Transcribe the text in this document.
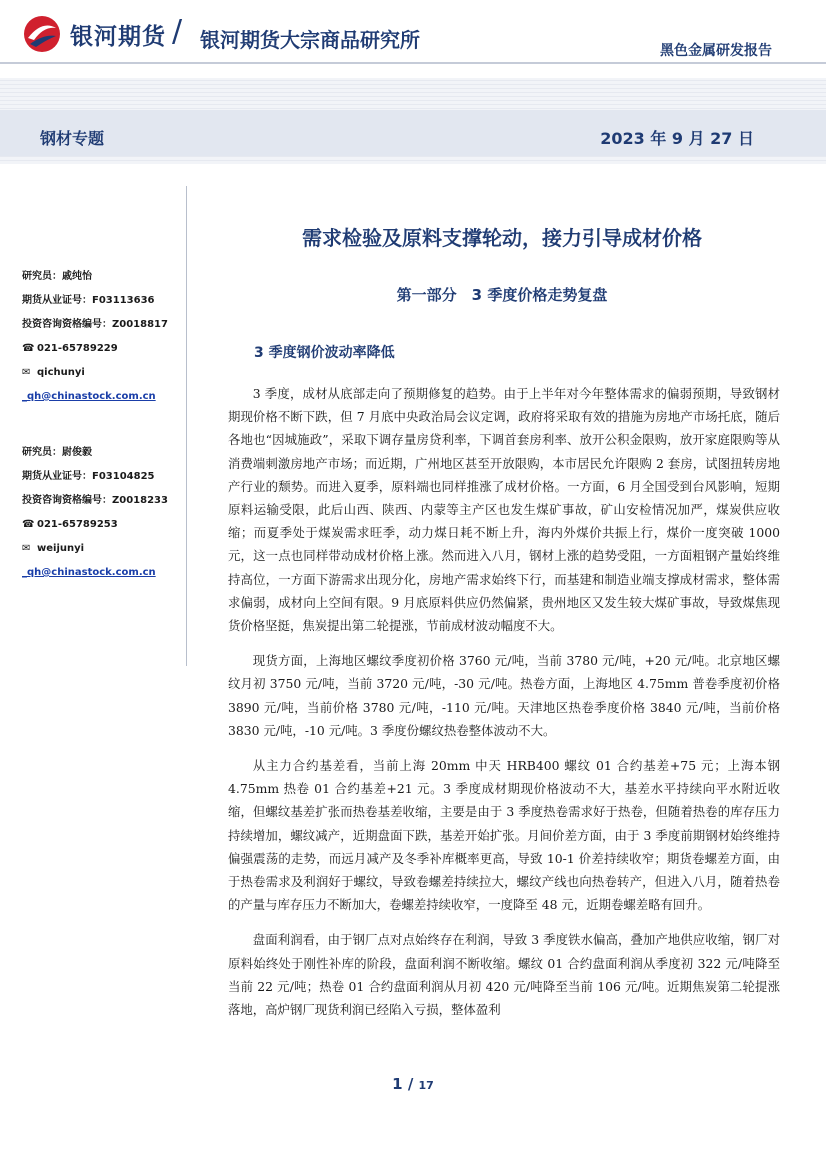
银河期货 / 银河期货大宗商品研究所	黑色金属研发报告
钢材专题	2023 年 9 月 27 日
研究员：戚纯怡
期货从业证号：F03113636
投资咨询资格编号：Z0018817
☎ 021-65789229
✉ qichunyi
_qh@chinastock.com.cn
研究员：尉俊毅
期货从业证号：F03104825
投资咨询资格编号：Z0018233
☎ 021-65789253
✉ weijunyi
_qh@chinastock.com.cn
需求检验及原料支撑轮动，接力引导成材价格
第一部分　3 季度价格走势复盘
3 季度钢价波动率降低

3 季度，成材从底部走向了预期修复的趋势。由于上半年对今年整体需求的偏弱预期，导致钢材期现价格不断下跌，但 7 月底中央政治局会议定调，政府将采取有效的措施为房地产市场托底，随后各地也“因城施政”，采取下调存量房贷利率，下调首套房利率、放开公积金限购，放开家庭限购等从消费端刺激房地产市场；而近期，广州地区甚至开放限购，本市居民允许限购 2 套房，试图扭转房地产行业的颓势。而进入夏季，原料端也同样推涨了成材价格。一方面，6 月全国受到台风影响，短期原料运输受限，此后山西、陕西、内蒙等主产区也发生煤矿事故，矿山安检情况加严，煤炭供应收缩；而夏季处于煤炭需求旺季，动力煤日耗不断上升，海内外煤价共振上行，煤价一度突破 1000 元，这一点也同样带动成材价格上涨。然而进入八月，钢材上涨的趋势受阻，一方面粗钢产量始终维持高位，一方面下游需求出现分化，房地产需求始终下行，而基建和制造业端支撑成材需求，整体需求偏弱，成材向上空间有限。9 月底原料供应仍然偏紧，贵州地区又发生较大煤矿事故，导致煤焦现货价格坚挺，焦炭提出第二轮提涨，节前成材波动幅度不大。

现货方面，上海地区螺纹季度初价格 3760 元/吨，当前 3780 元/吨，+20 元/吨。北京地区螺纹月初 3750 元/吨，当前 3720 元/吨，-30 元/吨。热卷方面，上海地区 4.75mm 普卷季度初价格 3890 元/吨，当前价格 3780 元/吨，-110 元/吨。天津地区热卷季度价格 3840 元/吨，当前价格 3830 元/吨，-10 元/吨。3 季度份螺纹热卷整体波动不大。

从主力合约基差看，当前上海 20mm 中天 HRB400 螺纹 01 合约基差+75 元；上海本钢 4.75mm 热卷 01 合约基差+21 元。3 季度成材期现价格波动不大，基差水平持续向平水附近收缩，但螺纹基差扩张而热卷基差收缩，主要是由于 3 季度热卷需求好于热卷，但随着热卷的库存压力持续增加，螺纹减产，近期盘面下跌，基差开始扩张。月间价差方面，由于 3 季度前期钢材始终维持偏强震荡的走势，而远月减产及冬季补库概率更高，导致 10-1 价差持续收窄；期货卷螺差方面，由于热卷需求及利润好于螺纹，导致卷螺差持续拉大，螺纹产线也向热卷转产，但进入八月，随着热卷的产量与库存压力不断加大，卷螺差持续收窄，一度降至 48 元，近期卷螺差略有回升。

盘面利润看，由于钢厂点对点始终存在利润，导致 3 季度铁水偏高，叠加产地供应收缩，钢厂对原料始终处于刚性补库的阶段，盘面利润不断收缩。螺纹 01 合约盘面利润从季度初 322 元/吨降至当前 22 元/吨；热卷 01 合约盘面利润从月初 420 元/吨降至当前 106 元/吨。近期焦炭第二轮提涨落地，高炉钢厂现货利润已经陷入亏损，整体盈利

1 / 17
